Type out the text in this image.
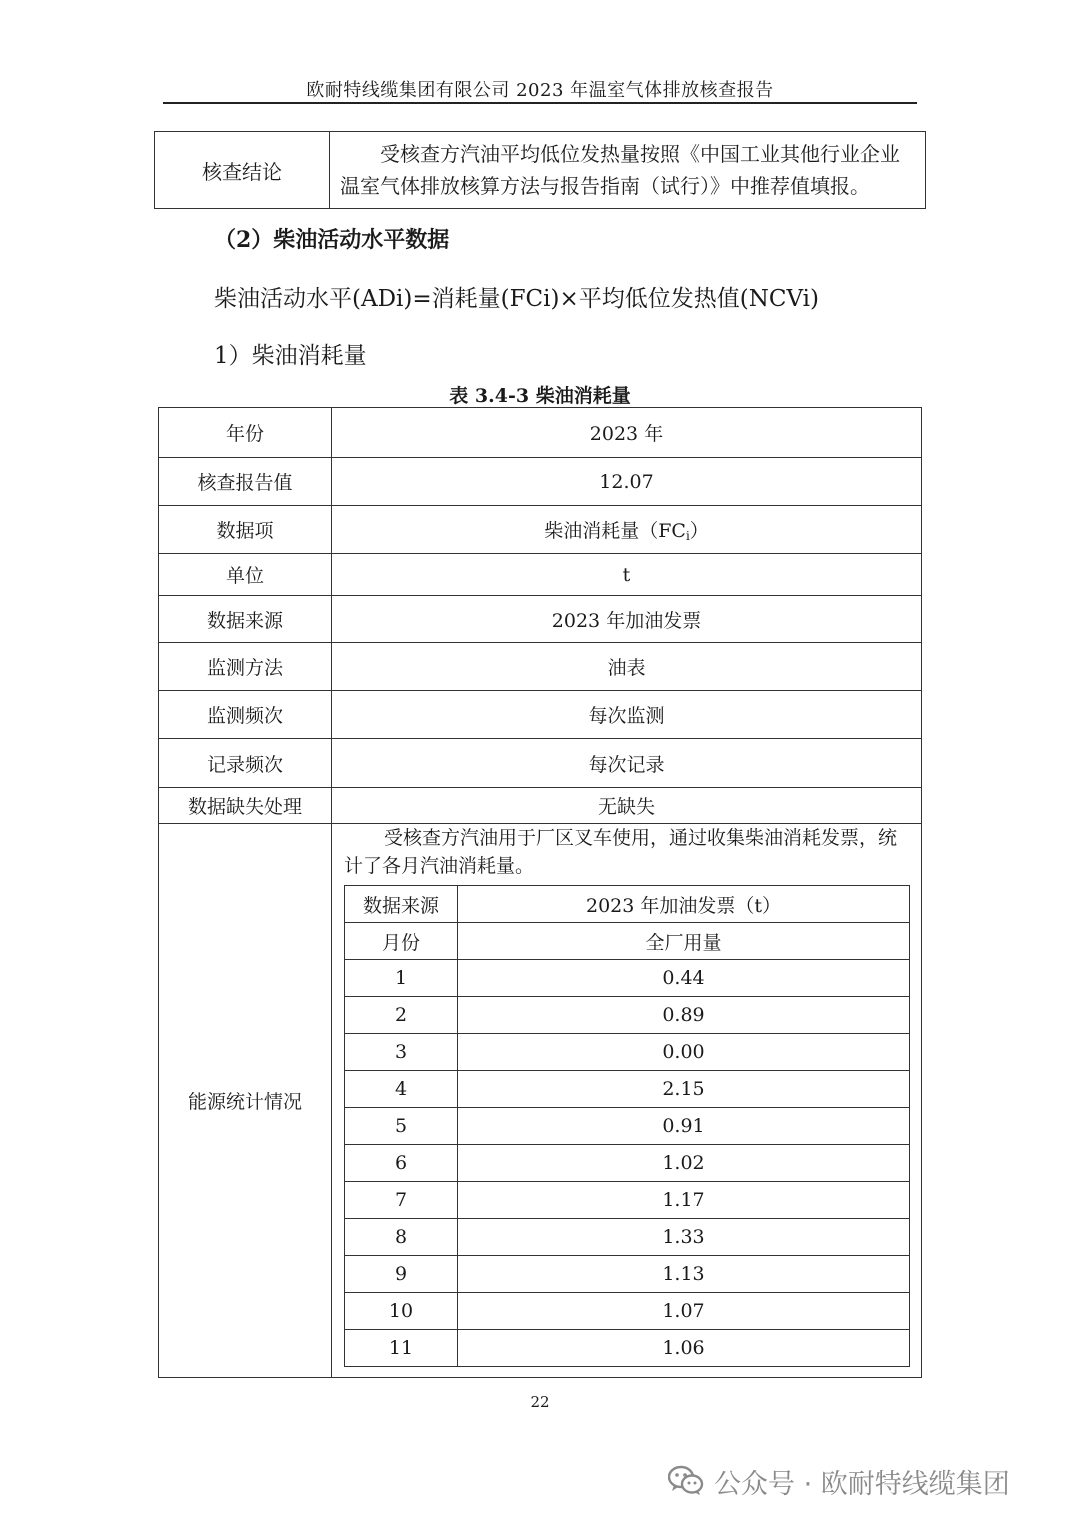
欧耐特线缆集团有限公司 2023 年温室气体排放核查报告
核查结论	受核查方汽油平均低位发热量按照《中国工业其他行业企业温室气体排放核算方法与报告指南（试行）》中推荐值填报。
（2）柴油活动水平数据
柴油活动水平(ADi)=消耗量(FCi)×平均低位发热值(NCVi)
1）柴油消耗量
表 3.4-3 柴油消耗量
年份	2023 年
核查报告值	12.07
数据项	柴油消耗量$(FC_i)$
单位	t
数据来源	2023 年加油发票
监测方法	油表
监测频次	每次监测
记录频次	每次记录
数据缺失处理	无缺失
能源统计情况	
受核查方汽油用于厂区叉车使用，通过收集柴油消耗发票，统计了各月汽油消耗量。
数据来源	2023 年加油发票（t）
月份	全厂用量
1	0.44
2	0.89
3	0.00
4	2.15
5	0.91
6	1.02
7	1.17
8	1.33
9	1.13
10	1.07
11	1.06
22
公众号 · 欧耐特线缆集团
